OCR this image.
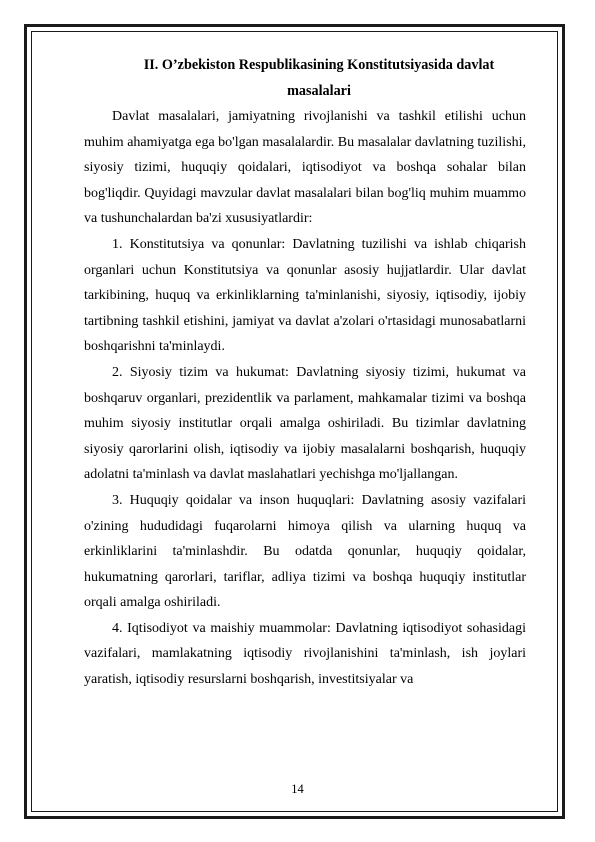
II. O’zbekiston Respublikasining Konstitutsiyasida davlat masalalari

Davlat masalalari, jamiyatning rivojlanishi va tashkil etilishi uchun muhim ahamiyatga ega bo'lgan masalalardir. Bu masalalar davlatning tuzilishi, siyosiy tizimi, huquqiy qoidalari, iqtisodiyot va boshqa sohalar bilan bog'liqdir. Quyidagi mavzular davlat masalalari bilan bog'liq muhim muammo va tushunchalardan ba'zi xususiyatlardir:

1. Konstitutsiya va qonunlar: Davlatning tuzilishi va ishlab chiqarish organlari uchun Konstitutsiya va qonunlar asosiy hujjatlardir. Ular davlat tarkibining, huquq va erkinliklarning ta'minlanishi, siyosiy, iqtisodiy, ijobiy tartibning tashkil etishini, jamiyat va davlat a'zolari o'rtasidagi munosabatlarni boshqarishni ta'minlaydi.

2. Siyosiy tizim va hukumat: Davlatning siyosiy tizimi, hukumat va boshqaruv organlari, prezidentlik va parlament, mahkamalar tizimi va boshqa muhim siyosiy institutlar orqali amalga oshiriladi. Bu tizimlar davlatning siyosiy qarorlarini olish, iqtisodiy va ijobiy masalalarni boshqarish, huquqiy adolatni ta'minlash va davlat maslahatlari yechishga mo'ljallangan.

3. Huquqiy qoidalar va inson huquqlari: Davlatning asosiy vazifalari o'zining hududidagi fuqarolarni himoya qilish va ularning huquq va erkinliklarini ta'minlashdir. Bu odatda qonunlar, huquqiy qoidalar, hukumatning qarorlari, tariflar, adliya tizimi va boshqa huquqiy institutlar orqali amalga oshiriladi.

4. Iqtisodiyot va maishiy muammolar: Davlatning iqtisodiyot sohasidagi vazifalari, mamlakatning iqtisodiy rivojlanishini ta'minlash, ish joylari yaratish, iqtisodiy resurslarni boshqarish, investitsiyalar va

14
